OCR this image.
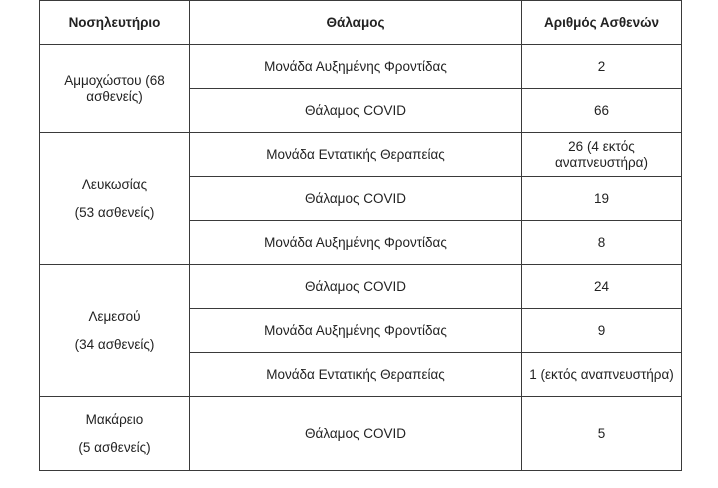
Νοσηλευτήριο	Θάλαμος	Αριθμός Ασθενών

Αμμοχώστου (68
ασθενείς)	Μονάδα Αυξημένης Φροντίδας	2
	Θάλαμος COVID	66

Λευκωσίας
(53 ασθενείς)	Μονάδα Εντατικής Θεραπείας	26 (4 εκτός αναπνευστήρα)
	Θάλαμος COVID	19
	Μονάδα Αυξημένης Φροντίδας	8

Λεμεσού
(34 ασθενείς)	Θάλαμος COVID	24
	Μονάδα Αυξημένης Φροντίδας	9
	Μονάδα Εντατικής Θεραπείας	1 (εκτός αναπνευστήρα)

Μακάρειο
(5 ασθενείς)	Θάλαμος COVID	5
